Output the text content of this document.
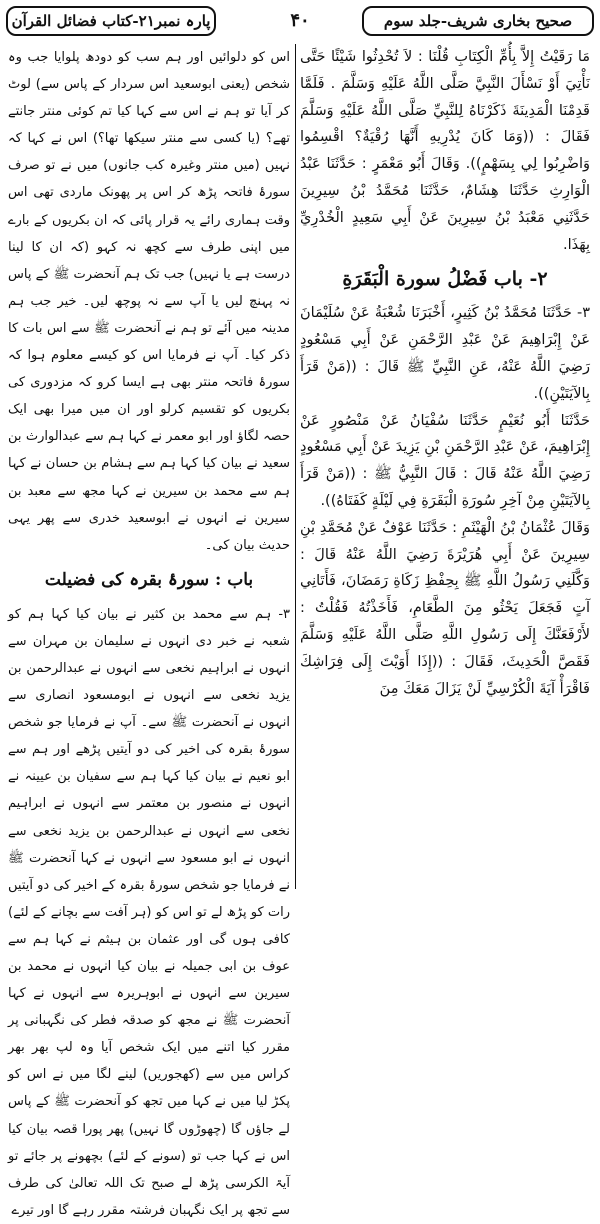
پارہ نمبر۲۱-کتاب فضائل القرآن	۴۰	صحیح بخاری شریف-جلد سوم

مَا رَقَيْتُ إِلاَّ بِأُمِّ الْكِتَابِ قُلْنَا : لاَ تُحْدِثُوا شَيْئًا حَتَّى نَأْتِيَ أَوْ نَسْأَلَ النَّبِيَّ صَلَّى اللَّهُ عَلَيْهِ وَسَلَّمَ . فَلَمَّا قَدِمْنَا الْمَدِينَةَ ذَكَرْنَاهُ لِلنَّبِيِّ صَلَّى اللَّهُ عَلَيْهِ وَسَلَّمَ فَقَالَ : ((وَمَا كَانَ يُدْرِيهِ أَنَّهَا رُقْيَةٌ؟ اقْسِمُوا وَاضْرِبُوا لِي بِسَهْمٍ)). وَقَالَ أَبُو مَعْمَرٍ : حَدَّثَنَا عَبْدُ الْوَارِثِ حَدَّثَنَا هِشَامٌ، حَدَّثَنَا مُحَمَّدُ بْنُ سِيرِينَ حَدَّثَنِي مَعْبَدُ بْنُ سِيرِينَ عَنْ أَبِي سَعِيدٍ الْخُدْرِيِّ بِهَذَا.

٢- باب فَضْلُ سورة الْبَقَرَةِ

٣- حَدَّثَنَا مُحَمَّدُ بْنُ كَثِيرٍ، أَخْبَرَنَا شُعْبَةُ عَنْ سُلَيْمَانَ عَنْ إِبْرَاهِيمَ عَنْ عَبْدِ الرَّحْمَنِ عَنْ أَبِي مَسْعُودٍ رَضِيَ اللَّهُ عَنْهُ، عَنِ النَّبِيِّ ﷺ قَالَ : ((مَنْ قَرَأَ بِالآيَتَيْنِ)).

حَدَّثَنَا أَبُو نُعَيْمٍ حَدَّثَنَا سُفْيَانُ عَنْ مَنْصُورٍ عَنْ إِبْرَاهِيمَ، عَنْ عَبْدِ الرَّحْمَنِ بْنِ يَزِيدَ عَنْ أَبِي مَسْعُودٍ رَضِيَ اللَّهُ عَنْهُ قَالَ : قَالَ النَّبِيُّ ﷺ : ((مَنْ قَرَأَ بِالآيَتَيْنِ مِنْ آخِرِ سُورَةِ الْبَقَرَةِ فِي لَيْلَةٍ كَفَتَاهُ)).

وَقَالَ عُثْمَانُ بْنُ الْهَيْثَمِ : حَدَّثَنَا عَوْفٌ عَنْ مُحَمَّدِ بْنِ سِيرِينَ عَنْ أَبِي هُرَيْرَةَ رَضِيَ اللَّهُ عَنْهُ قَالَ : وَكَّلَنِي رَسُولُ اللَّهِ ﷺ بِحِفْظِ زَكَاةِ رَمَضَانَ، فَأَتَانِي آتٍ فَجَعَلَ يَحْثُو مِنَ الطَّعَامِ، فَأَخَذْتُهُ فَقُلْتُ : لأَرْفَعَنَّكَ إِلَى رَسُولِ اللَّهِ صَلَّى اللَّهُ عَلَيْهِ وَسَلَّمَ فَقَصَّ الْحَدِيثَ، فَقَالَ : ((إِذَا أَوَيْتَ إِلَى فِرَاشِكَ فَاقْرَأْ آيَةَ الْكُرْسِيِّ لَنْ يَزَالَ مَعَكَ مِنَ

اس کو دلوائیں اور ہم سب کو دودھ پلوایا جب وہ شخص (یعنی ابوسعید اس سردار کے پاس سے) لوٹ کر آیا تو ہم نے اس سے کہا کیا تم کوئی منتر جانتے تھے؟ (یا کسی سے منتر سیکھا تھا؟) اس نے کہا کہ نہیں (میں منتر وغیرہ کب جانوں) میں نے تو صرف سورۂ فاتحہ پڑھ کر اس پر پھونک ماردی تھی اس وقت ہماری رائے یہ قرار پائی کہ ان بکریوں کے بارے میں اپنی طرف سے کچھ نہ کہو (کہ ان کا لینا درست ہے یا نہیں) جب تک ہم آنحضرت ﷺ کے پاس نہ پہنچ لیں یا آپ سے نہ پوچھ لیں۔ خیر جب ہم مدینہ میں آئے تو ہم نے آنحضرت ﷺ سے اس بات کا ذکر کیا۔ آپ نے فرمایا اس کو کیسے معلوم ہوا کہ سورۂ فاتحہ منتر بھی ہے ایسا کرو کہ مزدوری کی بکریوں کو تقسیم کرلو اور ان میں میرا بھی ایک حصہ لگاؤ اور ابو معمر نے کہا ہم سے عبدالوارث بن سعید نے بیان کیا کہا ہم سے ہشام بن حسان نے کہا ہم سے محمد بن سیرین نے کہا مجھ سے معبد بن سیرین نے انہوں نے ابوسعید خدری سے پھر یہی حدیث بیان کی۔

باب : سورۂ بقرہ کی فضیلت

۳- ہم سے محمد بن کثیر نے بیان کیا کہا ہم کو شعبہ نے خبر دی انہوں نے سلیمان بن مہران سے انہوں نے ابراہیم نخعی سے انہوں نے عبدالرحمن بن یزید نخعی سے انہوں نے ابومسعود انصاری سے انہوں نے آنحضرت ﷺ سے۔ آپ نے فرمایا جو شخص سورۂ بقرہ کی اخیر کی دو آیتیں پڑھے اور ہم سے ابو نعیم نے بیان کیا کہا ہم سے سفیان بن عیینہ نے انہوں نے منصور بن معتمر سے انہوں نے ابراہیم نخعی سے انہوں نے عبدالرحمن بن یزید نخعی سے انہوں نے ابو مسعود سے انہوں نے کہا آنحضرت ﷺ نے فرمایا جو شخص سورۂ بقرہ کے اخیر کی دو آیتیں رات کو پڑھ لے تو اس کو (ہر آفت سے بچانے کے لئے) کافی ہوں گی اور عثمان بن ہیثم نے کہا ہم سے عوف بن ابی جمیلہ نے بیان کیا انہوں نے محمد بن سیرین سے انہوں نے ابوہریرہ سے انہوں نے کہا آنحضرت ﷺ نے مجھ کو صدقہ فطر کی نگہبانی پر مقرر کیا اتنے میں ایک شخص آیا وہ لپ بھر بھر کراس میں سے (کھجوریں) لینے لگا میں نے اس کو پکڑ لیا میں نے کہا میں تجھ کو آنحضرت ﷺ کے پاس لے جاؤں گا (چھوڑوں گا نہیں) پھر پورا قصہ بیان کیا اس نے کہا جب تو (سونے کے لئے) بچھونے پر جائے تو آیۃ الکرسی پڑھ لے صبح تک اللہ تعالیٰ کی طرف سے تجھ پر ایک نگہبان فرشتہ مقرر رہے گا اور تیرے
